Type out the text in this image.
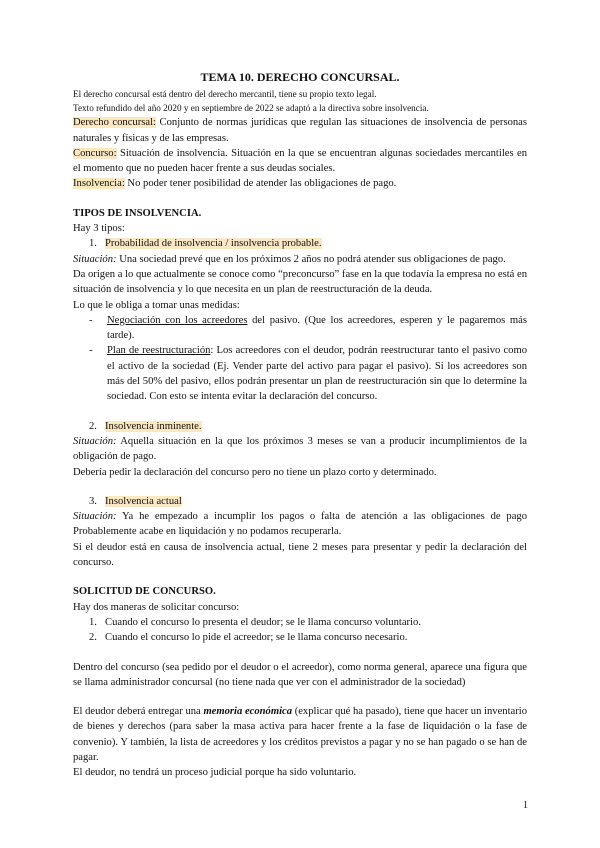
TEMA 10. DERECHO CONCURSAL.

El derecho concursal está dentro del derecho mercantil, tiene su propio texto legal.

Texto refundido del año 2020 y en septiembre de 2022 se adaptó a la directiva sobre insolvencia.

Derecho concursal: Conjunto de normas jurídicas que regulan las situaciones de insolvencia de personas naturales y físicas y de las empresas.

Concurso: Situación de insolvencia. Situación en la que se encuentran algunas sociedades mercantiles en el momento que no pueden hacer frente a sus deudas sociales.

Insolvencia: No poder tener posibilidad de atender las obligaciones de pago.

TIPOS DE INSOLVENCIA.

Hay 3 tipos:

1. Probabilidad de insolvencia / insolvencia probable.

Situación: Una sociedad prevé que en los próximos 2 años no podrá atender sus obligaciones de pago.

Da origen a lo que actualmente se conoce como “preconcurso” fase en la que todavía la empresa no está en situación de insolvencia y lo que necesita en un plan de reestructuración de la deuda.

Lo que le obliga a tomar unas medidas:

-	Negociación con los acreedores del pasivo. (Que los acreedores, esperen y le pagaremos más tarde).
-	Plan de reestructuración: Los acreedores con el deudor, podrán reestructurar tanto el pasivo como el activo de la sociedad (Ej. Vender parte del activo para pagar el pasivo). Si los acreedores son más del 50% del pasivo, ellos podrán presentar un plan de reestructuración sin que lo determine la sociedad. Con esto se intenta evitar la declaración del concurso.

2. Insolvencia inminente.

Situación: Aquella situación en la que los próximos 3 meses se van a producir incumplimientos de la obligación de pago.

Debería pedir la declaración del concurso pero no tiene un plazo corto y determinado.

3. Insolvencia actual

Situación: Ya he empezado a incumplir los pagos o falta de atención a las obligaciones de pago Probablemente acabe en liquidación y no podamos recuperarla.

Si el deudor está en causa de insolvencia actual, tiene 2 meses para presentar y pedir la declaración del concurso.

SOLICITUD DE CONCURSO.

Hay dos maneras de solicitar concurso:

1. Cuando el concurso lo presenta el deudor; se le llama concurso voluntario.

2. Cuando el concurso lo pide el acreedor; se le llama concurso necesario.

Dentro del concurso (sea pedido por el deudor o el acreedor), como norma general, aparece una figura que se llama administrador concursal (no tiene nada que ver con el administrador de la sociedad)

El deudor deberá entregar una memoria económica (explicar qué ha pasado), tiene que hacer un inventario de bienes y derechos (para saber la masa activa para hacer frente a la fase de liquidación o la fase de convenio). Y también, la lista de acreedores y los créditos previstos a pagar y no se han pagado o se han de pagar.

El deudor, no tendrá un proceso judicial porque ha sido voluntario.

1
